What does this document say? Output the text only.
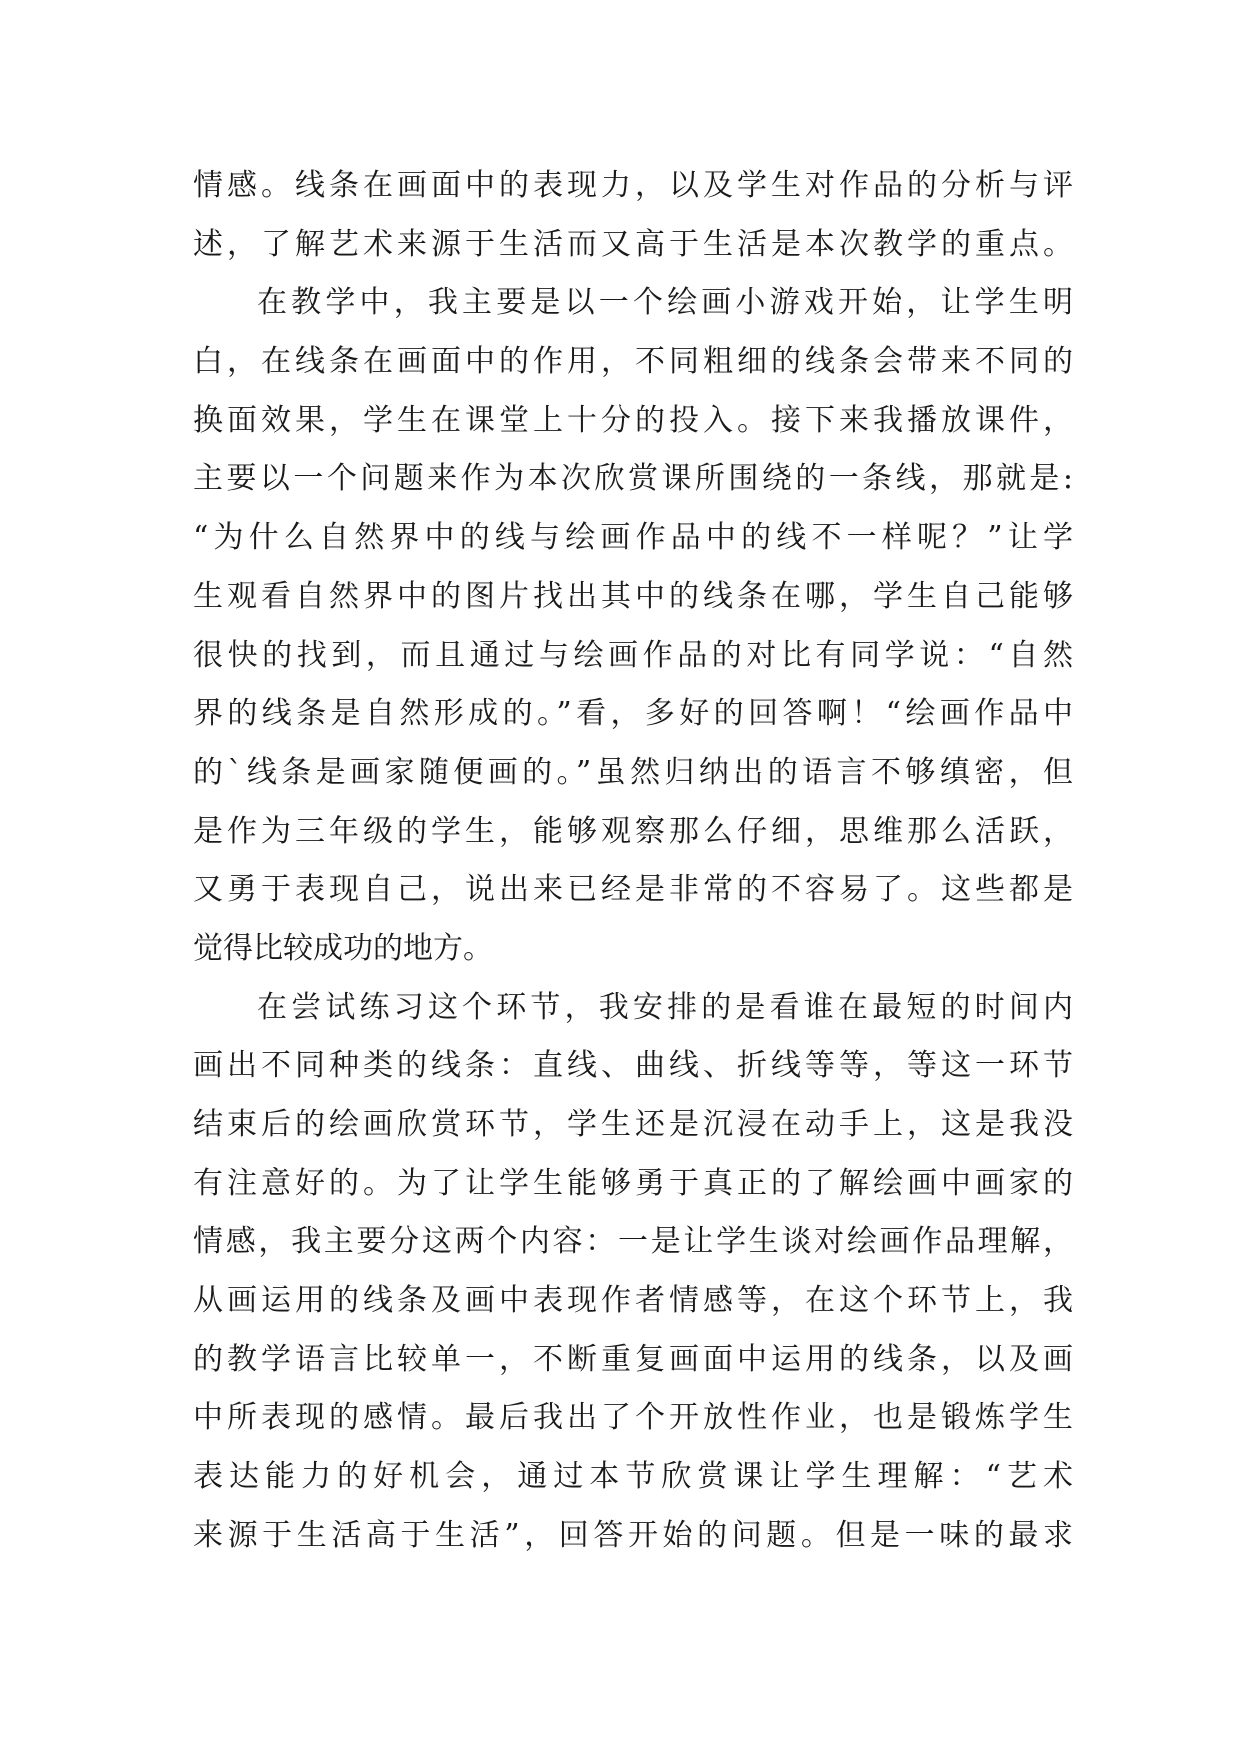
情感。线条在画面中的表现力，以及学生对作品的分析与评
述，了解艺术来源于生活而又高于生活是本次教学的重点。
在教学中，我主要是以一个绘画小游戏开始，让学生明
白，在线条在画面中的作用，不同粗细的线条会带来不同的
换面效果，学生在课堂上十分的投入。接下来我播放课件，
主要以一个问题来作为本次欣赏课所围绕的一条线，那就是:
“为什么自然界中的线与绘画作品中的线不一样呢？”让学
生观看自然界中的图片找出其中的线条在哪，学生自己能够
很快的找到，而且通过与绘画作品的对比有同学说：“自然
界的线条是自然形成的。”看，多好的回答啊！“绘画作品中
的`线条是画家随便画的。”虽然归纳出的语言不够缜密，但
是作为三年级的学生，能够观察那么仔细，思维那么活跃，
又勇于表现自己，说出来已经是非常的不容易了。这些都是
觉得比较成功的地方。
在尝试练习这个环节，我安排的是看谁在最短的时间内
画出不同种类的线条：直线、曲线、折线等等，等这一环节
结束后的绘画欣赏环节，学生还是沉浸在动手上，这是我没
有注意好的。为了让学生能够勇于真正的了解绘画中画家的
情感，我主要分这两个内容：一是让学生谈对绘画作品理解，
从画运用的线条及画中表现作者情感等，在这个环节上，我
的教学语言比较单一，不断重复画面中运用的线条，以及画
中所表现的感情。最后我出了个开放性作业，也是锻炼学生
表达能力的好机会，通过本节欣赏课让学生理解：“艺术
来源于生活高于生活”，回答开始的问题。但是一味的最求
